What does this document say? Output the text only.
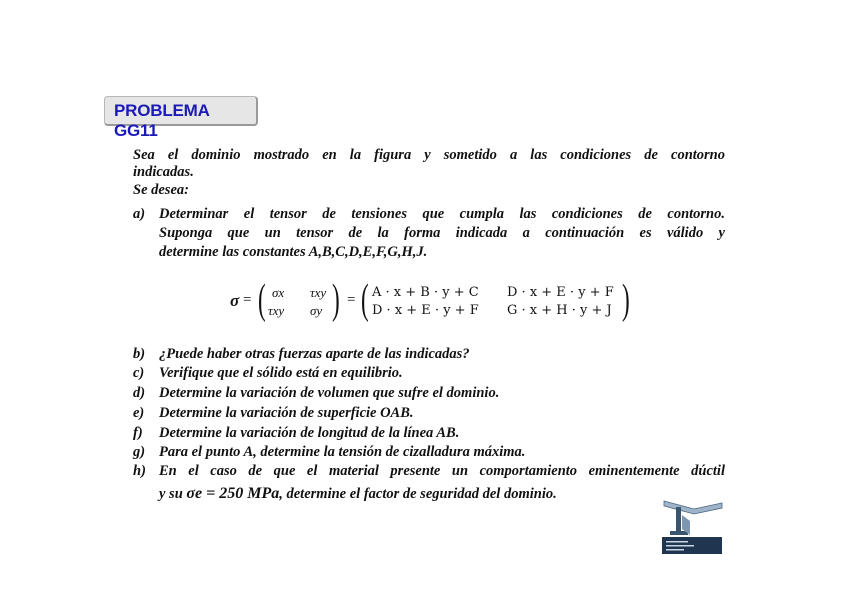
PROBLEMA GG11
Sea el dominio mostrado en la figura y sometido a las condiciones de contorno
indicadas.
Se desea:
a) Determinar el tensor de tensiones que cumpla las condiciones de contorno.
Suponga que un tensor de la forma indicada a continuación es válido y
determine las constantes A,B,C,D,E,F,G,H,J.
σ = ( σx τxy
τxy σy ) = ( A · x + B · y + C D · x + E · y + F
D · x + E · y + F G · x + H · y + J )
b) ¿Puede haber otras fuerzas aparte de las indicadas?
c) Verifique que el sólido está en equilibrio.
d) Determine la variación de volumen que sufre el dominio.
e) Determine la variación de superficie OAB.
f) Determine la variación de longitud de la línea AB.
g) Para el punto A, determine la tensión de cizalladura máxima.
h) En el caso de que el material presente un comportamiento eminentemente dúctil
y su σe = 250 MPa, determine el factor de seguridad del dominio.
